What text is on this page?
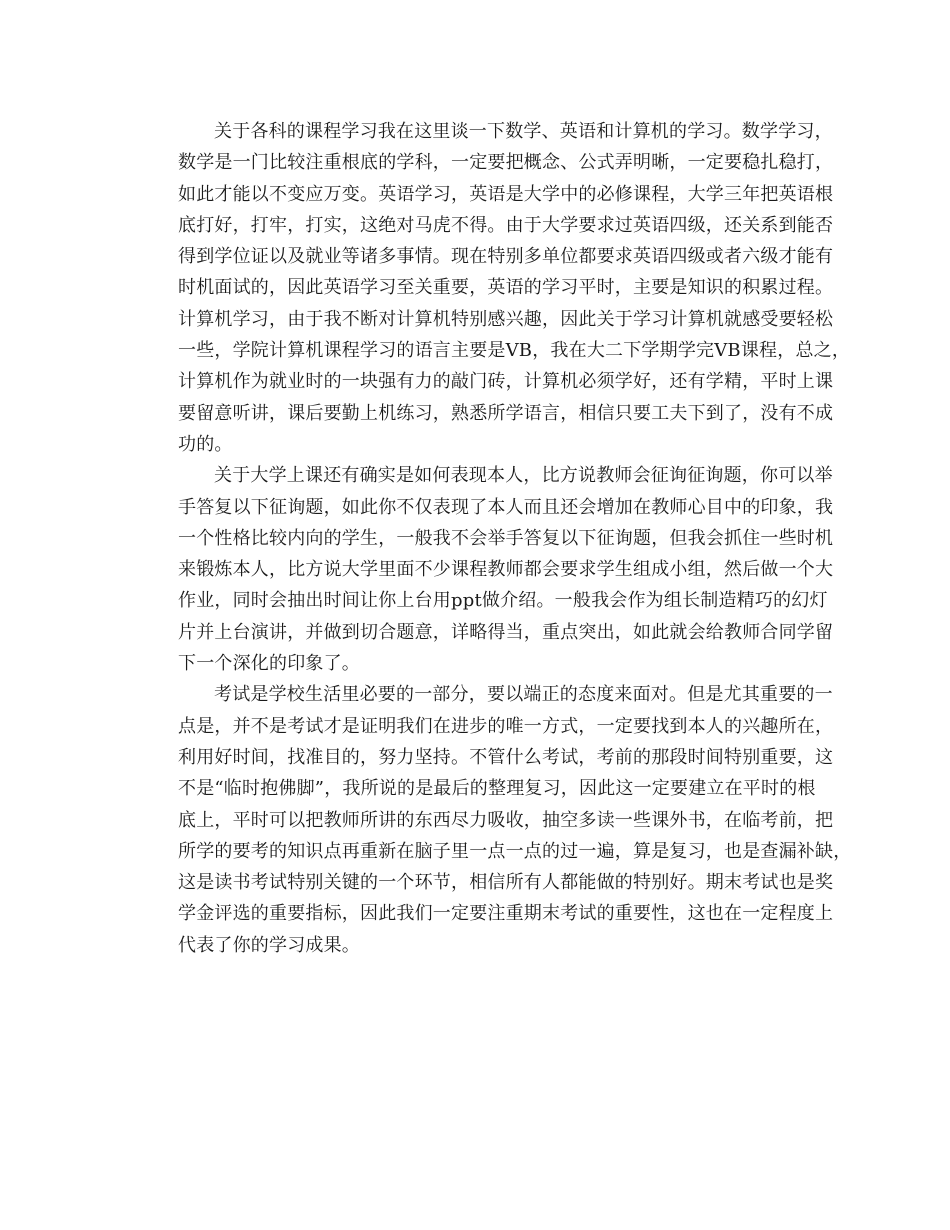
关于各科的课程学习我在这里谈一下数学、英语和计算机的学习。数学学习，
数学是一门比较注重根底的学科，一定要把概念、公式弄明晰，一定要稳扎稳打，
如此才能以不变应万变。英语学习，英语是大学中的必修课程，大学三年把英语根
底打好，打牢，打实，这绝对马虎不得。由于大学要求过英语四级，还关系到能否
得到学位证以及就业等诸多事情。现在特别多单位都要求英语四级或者六级才能有
时机面试的，因此英语学习至关重要，英语的学习平时，主要是知识的积累过程。
计算机学习，由于我不断对计算机特别感兴趣，因此关于学习计算机就感受要轻松
一些，学院计算机课程学习的语言主要是VB，我在大二下学期学完VB课程，总之，
计算机作为就业时的一块强有力的敲门砖，计算机必须学好，还有学精，平时上课
要留意听讲，课后要勤上机练习，熟悉所学语言，相信只要工夫下到了，没有不成
功的。
关于大学上课还有确实是如何表现本人，比方说教师会征询征询题，你可以举
手答复以下征询题，如此你不仅表现了本人而且还会增加在教师心目中的印象，我
一个性格比较内向的学生，一般我不会举手答复以下征询题，但我会抓住一些时机
来锻炼本人，比方说大学里面不少课程教师都会要求学生组成小组，然后做一个大
作业，同时会抽出时间让你上台用ppt做介绍。一般我会作为组长制造精巧的幻灯
片并上台演讲，并做到切合题意，详略得当，重点突出，如此就会给教师合同学留
下一个深化的印象了。
考试是学校生活里必要的一部分，要以端正的态度来面对。但是尤其重要的一
点是，并不是考试才是证明我们在进步的唯一方式，一定要找到本人的兴趣所在，
利用好时间，找准目的，努力坚持。不管什么考试，考前的那段时间特别重要，这
不是“临时抱佛脚”，我所说的是最后的整理复习，因此这一定要建立在平时的根
底上，平时可以把教师所讲的东西尽力吸收，抽空多读一些课外书，在临考前，把
所学的要考的知识点再重新在脑子里一点一点的过一遍，算是复习，也是查漏补缺，
这是读书考试特别关键的一个环节，相信所有人都能做的特别好。期末考试也是奖
学金评选的重要指标，因此我们一定要注重期末考试的重要性，这也在一定程度上
代表了你的学习成果。
